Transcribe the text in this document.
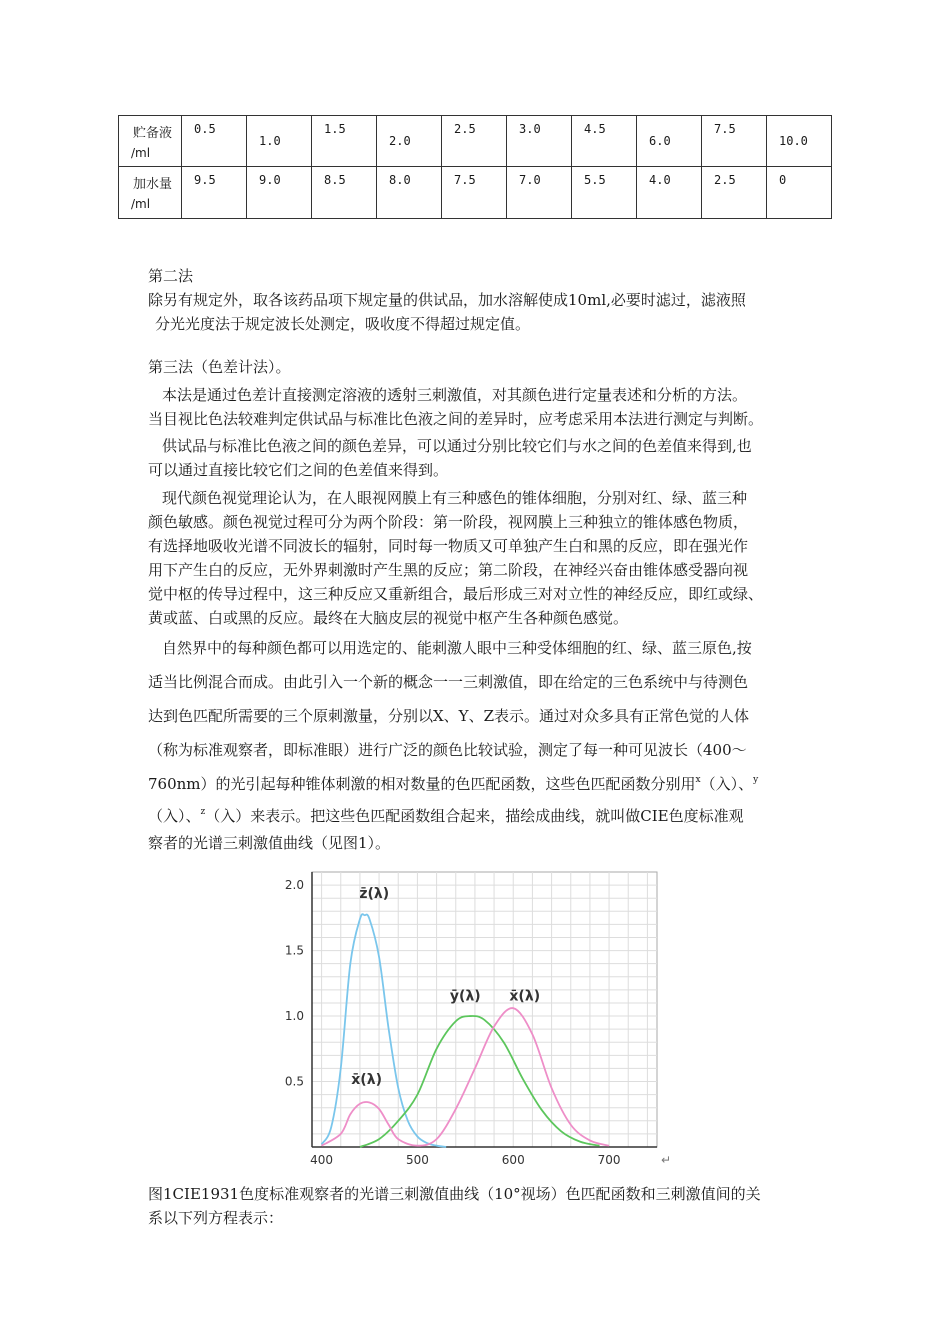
贮备液
/ml	0.5	1.0	1.5	2.0	2.5	3.0	4.5	6.0	7.5	10.0

加水量
/ml	9.5	9.0	8.5	8.0	7.5	7.0	5.5	4.0	2.5	0
第二法
除另有规定外，取各该药品项下规定量的供试品，加水溶解使成10ml,必要时滤过，滤液照
分光光度法于规定波长处测定，吸收度不得超过规定值。
第三法（色差计法）。
本法是通过色差计直接测定溶液的透射三刺激值，对其颜色进行定量表述和分析的方法。
当目视比色法较难判定供试品与标准比色液之间的差异时，应考虑采用本法进行测定与判断。
供试品与标准比色液之间的颜色差异，可以通过分别比较它们与水之间的色差值来得到,也
可以通过直接比较它们之间的色差值来得到。
现代颜色视觉理论认为，在人眼视网膜上有三种感色的锥体细胞，分别对红、绿、蓝三种
颜色敏感。颜色视觉过程可分为两个阶段：第一阶段，视网膜上三种独立的锥体感色物质，
有选择地吸收光谱不同波长的辐射，同时每一物质又可单独产生白和黑的反应，即在强光作
用下产生白的反应，无外界刺激时产生黑的反应；第二阶段，在神经兴奋由锥体感受器向视
觉中枢的传导过程中，这三种反应又重新组合，最后形成三对对立性的神经反应，即红或绿、
黄或蓝、白或黑的反应。最终在大脑皮层的视觉中枢产生各种颜色感觉。
自然界中的每种颜色都可以用选定的、能刺激人眼中三种受体细胞的红、绿、蓝三原色,按
适当比例混合而成。由此引入一个新的概念一一三刺激值，即在给定的三色系统中与待测色
达到色匹配所需要的三个原刺激量，分别以X、Y、Z表示。通过对众多具有正常色觉的人体
（称为标准观察者，即标准眼）进行广泛的颜色比较试验，测定了每一种可见波长（400～
760nm）的光引起每种锥体刺激的相对数量的色匹配函数，这些色匹配函数分别用$^x$（入）、$^y$
（入）、$^z$（入）来表示。把这些色匹配函数组合起来，描绘成曲线，就叫做CIE色度标准观
察者的光谱三刺激值曲线（见图1）。
400	500	600	700
0.5
1.0
1.5
2.0
z̄(λ)
ȳ(λ) x̄(λ)
x̄(λ)
↵
图1CIE1931色度标准观察者的光谱三刺激值曲线（10°视场）色匹配函数和三刺激值间的关
系以下列方程表示：
